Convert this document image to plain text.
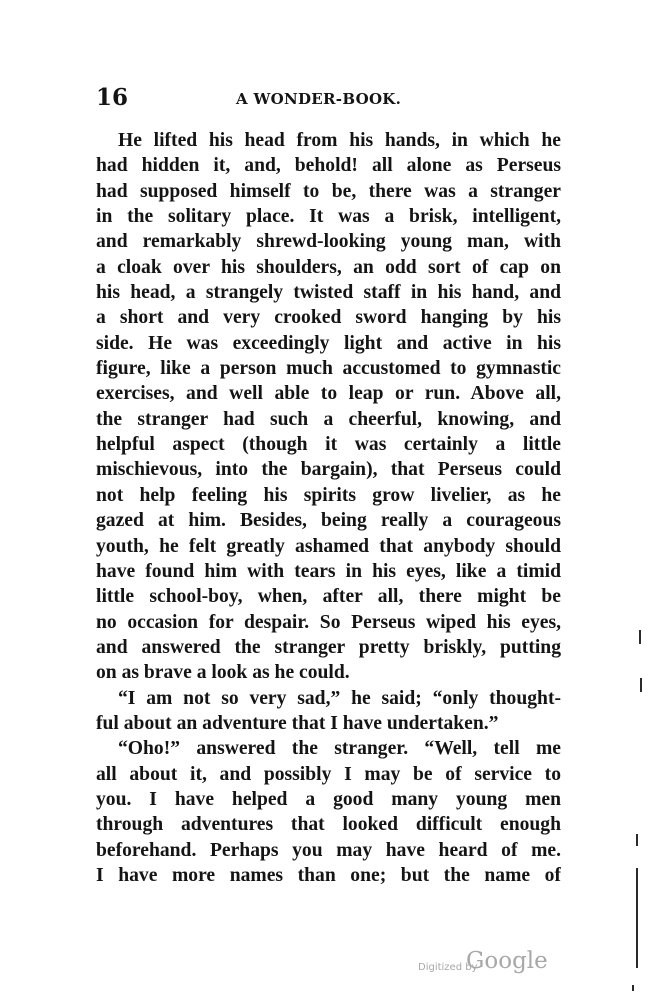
16	A WONDER-BOOK.
He lifted his head from his hands, in which he
had hidden it, and, behold! all alone as Perseus
had supposed himself to be, there was a stranger
in the solitary place. It was a brisk, intelligent,
and remarkably shrewd-looking young man, with
a cloak over his shoulders, an odd sort of cap on
his head, a strangely twisted staff in his hand, and
a short and very crooked sword hanging by his
side. He was exceedingly light and active in his
figure, like a person much accustomed to gymnastic
exercises, and well able to leap or run. Above all,
the stranger had such a cheerful, knowing, and
helpful aspect (though it was certainly a little
mischievous, into the bargain), that Perseus could
not help feeling his spirits grow livelier, as he
gazed at him. Besides, being really a courageous
youth, he felt greatly ashamed that anybody should
have found him with tears in his eyes, like a timid
little school-boy, when, after all, there might be
no occasion for despair. So Perseus wiped his eyes,
and answered the stranger pretty briskly, putting
on as brave a look as he could.
“I am not so very sad,” he said; “only thought-
ful about an adventure that I have undertaken.”
“Oho!” answered the stranger. “Well, tell me
all about it, and possibly I may be of service to
you. I have helped a good many young men
through adventures that looked difficult enough
beforehand. Perhaps you may have heard of me.
I have more names than one; but the name of
Digitized by
Google
